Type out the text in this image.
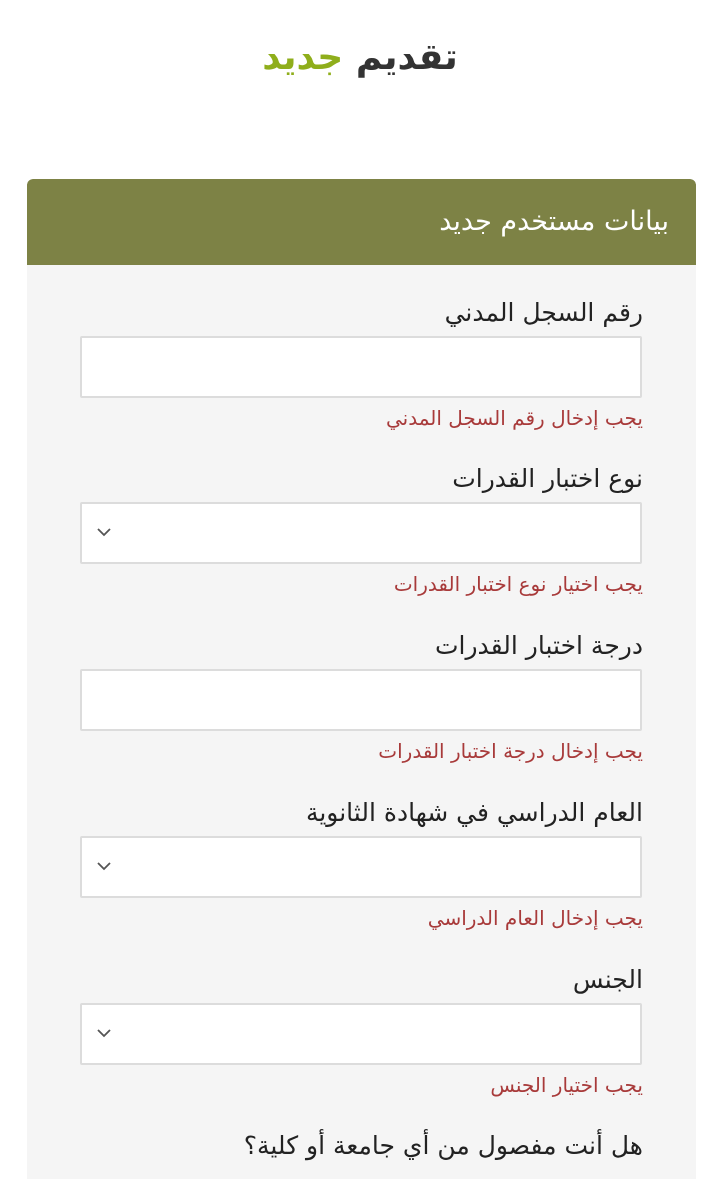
تقديم جديد
بيانات مستخدم جديد
رقم السجل المدني
يجب إدخال رقم السجل المدني
نوع اختبار القدرات
يجب اختيار نوع اختبار القدرات
درجة اختبار القدرات
يجب إدخال درجة اختبار القدرات
العام الدراسي في شهادة الثانوية
يجب إدخال العام الدراسي
الجنس
يجب اختيار الجنس
هل أنت مفصول من أي جامعة أو كلية؟
